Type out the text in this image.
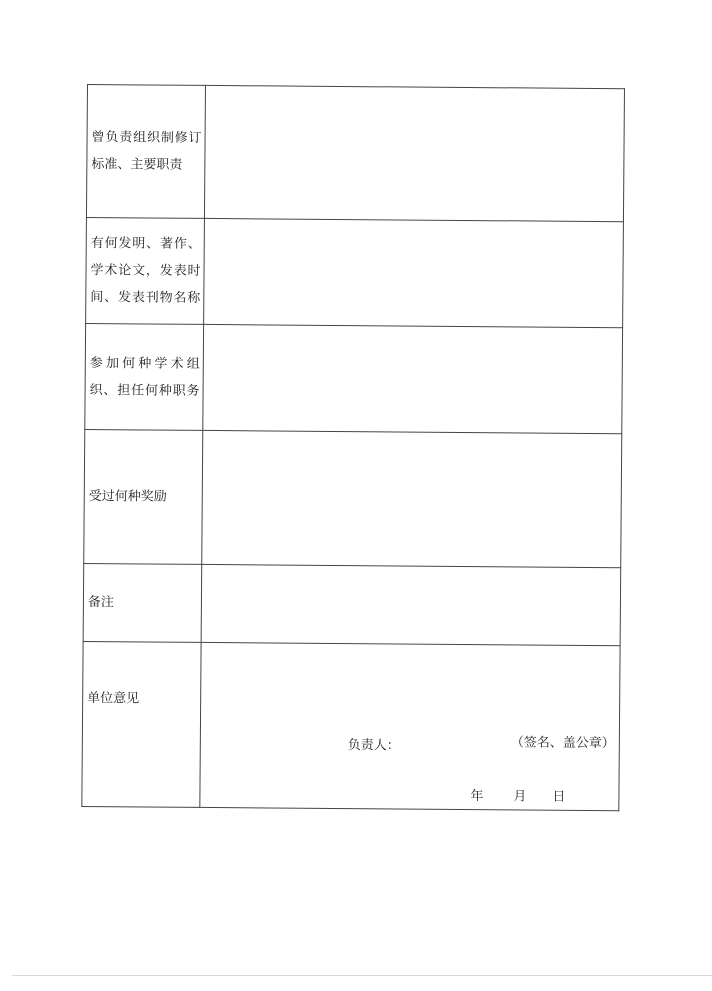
曾负责组织制修订
标准、主要职责	

有何发明、著作、
学术论文，发表时
间、发表刊物名称	

参加何种学术组
织、担任何种职务	

受过何种奖励	

备注	

单位意见	负责人： （签名、盖公章）
年 月 日
